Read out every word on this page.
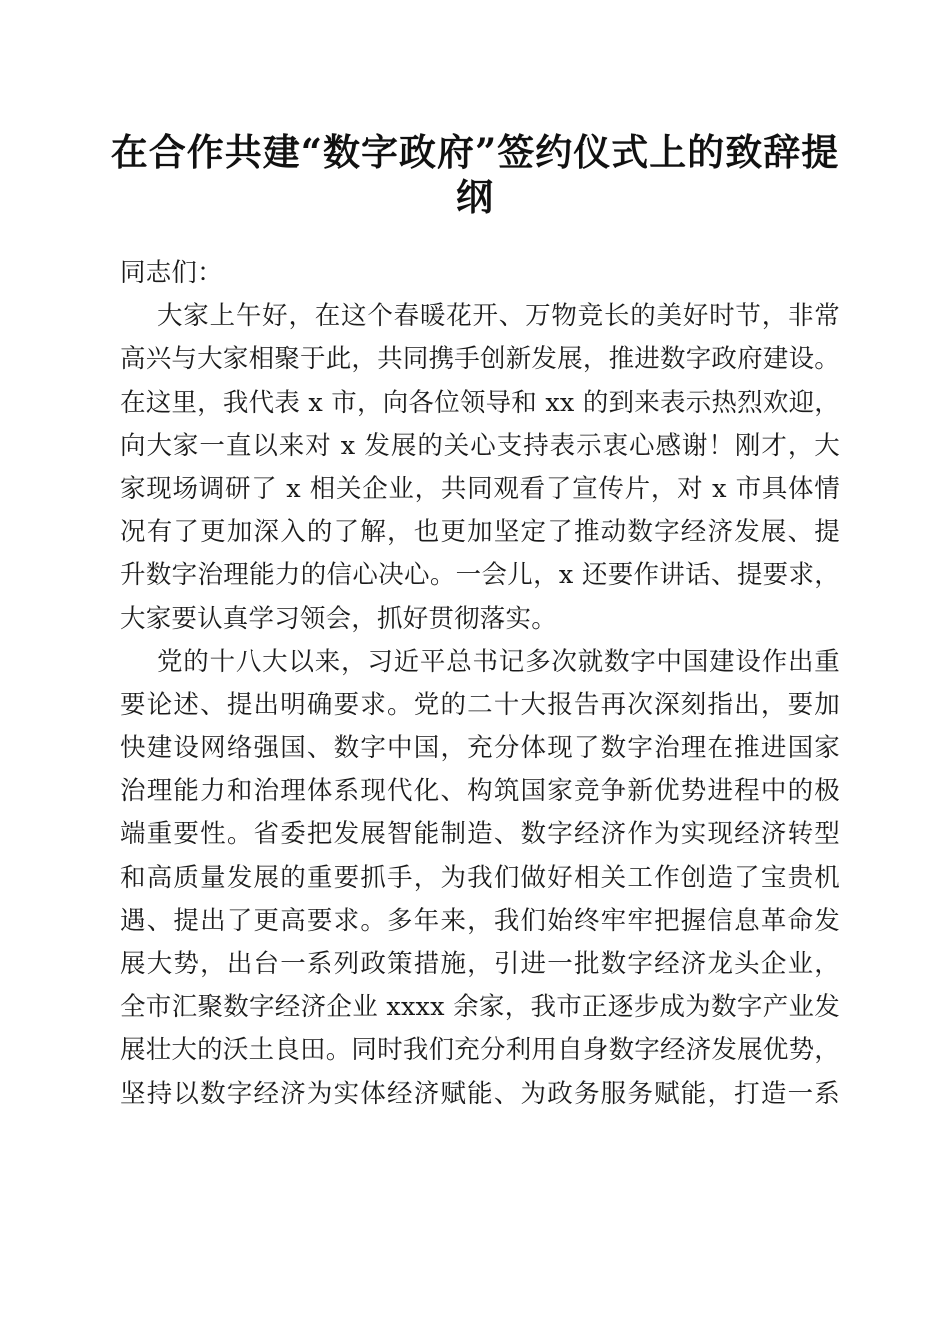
在合作共建“数字政府”签约仪式上的致辞提纲
同志们：
大家上午好，在这个春暖花开、万物竞长的美好时节，非常
高兴与大家相聚于此，共同携手创新发展，推进数字政府建设。
在这里，我代表 x 市，向各位领导和 xx 的到来表示热烈欢迎，
向大家一直以来对 x 发展的关心支持表示衷心感谢！刚才，大
家现场调研了 x 相关企业，共同观看了宣传片，对 x 市具体情
况有了更加深入的了解，也更加坚定了推动数字经济发展、提
升数字治理能力的信心决心。一会儿，x 还要作讲话、提要求，
大家要认真学习领会，抓好贯彻落实。
党的十八大以来，习近平总书记多次就数字中国建设作出重
要论述、提出明确要求。党的二十大报告再次深刻指出，要加
快建设网络强国、数字中国，充分体现了数字治理在推进国家
治理能力和治理体系现代化、构筑国家竞争新优势进程中的极
端重要性。省委把发展智能制造、数字经济作为实现经济转型
和高质量发展的重要抓手，为我们做好相关工作创造了宝贵机
遇、提出了更高要求。多年来，我们始终牢牢把握信息革命发
展大势，出台一系列政策措施，引进一批数字经济龙头企业，
全市汇聚数字经济企业 xxxx 余家，我市正逐步成为数字产业发
展壮大的沃土良田。同时我们充分利用自身数字经济发展优势，
坚持以数字经济为实体经济赋能、为政务服务赋能，打造一系
